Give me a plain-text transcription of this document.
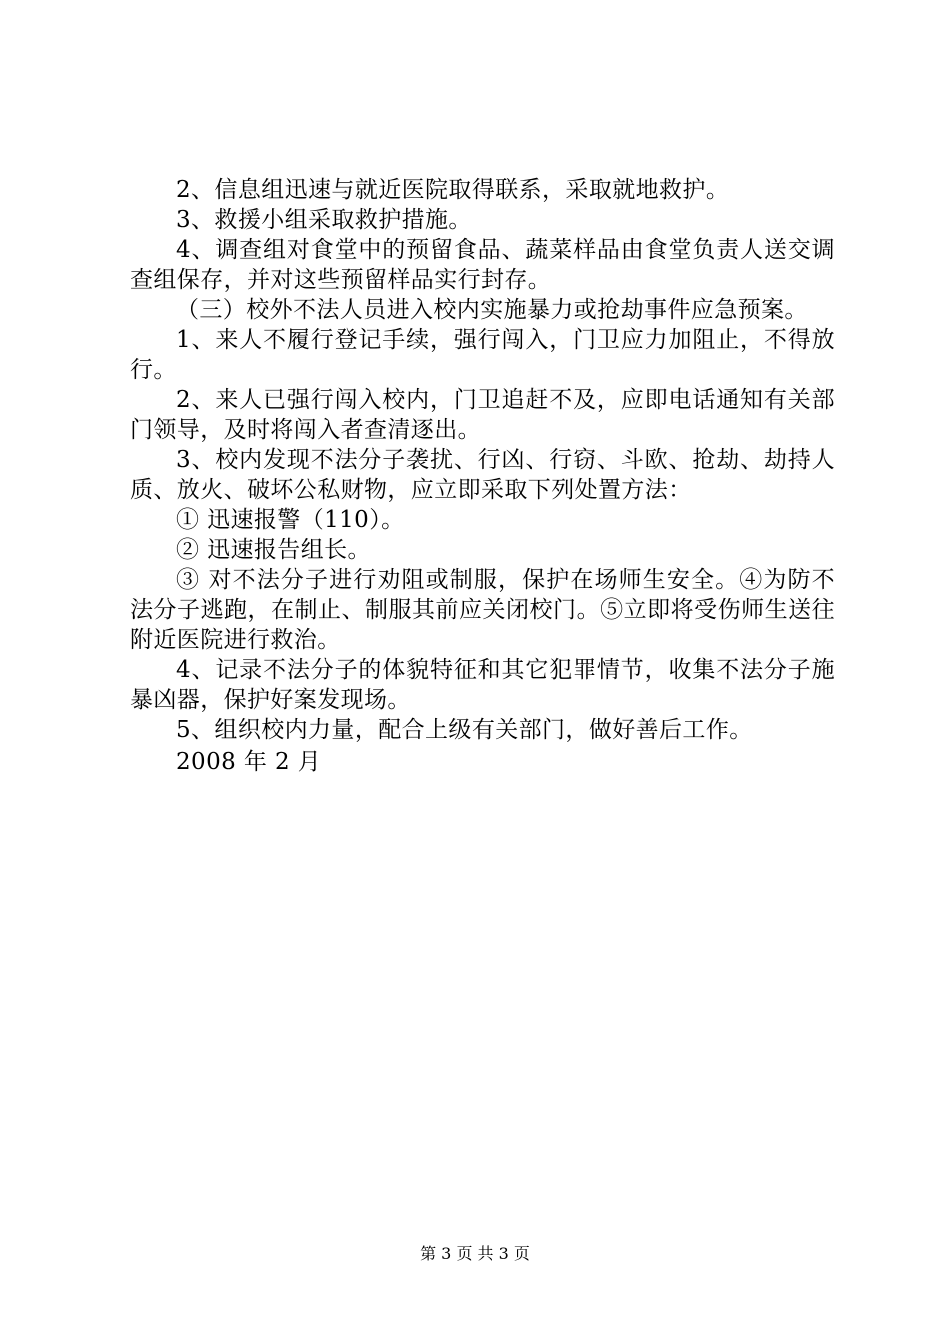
2、信息组迅速与就近医院取得联系，采取就地救护。

3、救援小组采取救护措施。

4、调查组对食堂中的预留食品、蔬菜样品由食堂负责人送交调查组保存，并对这些预留样品实行封存。

（三）校外不法人员进入校内实施暴力或抢劫事件应急预案。

1、来人不履行登记手续，强行闯入，门卫应力加阻止，不得放行。

2、来人已强行闯入校内，门卫追赶不及，应即电话通知有关部门领导，及时将闯入者查清逐出。

3、校内发现不法分子袭扰、行凶、行窃、斗欧、抢劫、劫持人质、放火、破坏公私财物，应立即采取下列处置方法：

① 迅速报警（110）。

② 迅速报告组长。

③ 对不法分子进行劝阻或制服，保护在场师生安全。④为防不法分子逃跑，在制止、制服其前应关闭校门。⑤立即将受伤师生送往附近医院进行救治。

4、记录不法分子的体貌特征和其它犯罪情节，收集不法分子施暴凶器，保护好案发现场。

5、组织校内力量，配合上级有关部门，做好善后工作。

2008 年 2 月

第 3 页 共 3 页
